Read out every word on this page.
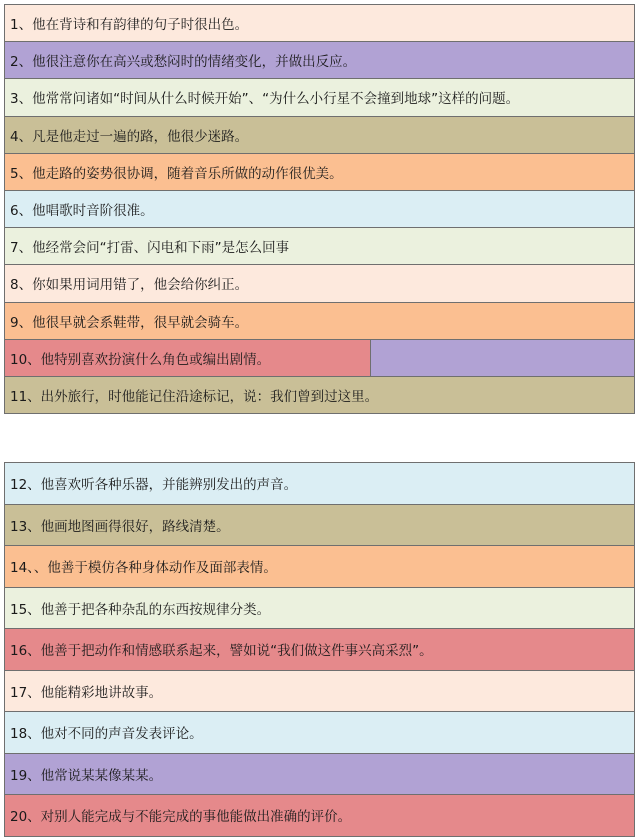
1、他在背诗和有韵律的句子时很出色。
2、他很注意你在高兴或愁闷时的情绪变化，并做出反应。
3、他常常问诸如“时间从什么时候开始”、“为什么小行星不会撞到地球”这样的问题。
4、凡是他走过一遍的路，他很少迷路。
5、他走路的姿势很协调，随着音乐所做的动作很优美。
6、他唱歌时音阶很准。
7、他经常会问“打雷、闪电和下雨”是怎么回事
8、你如果用词用错了，他会给你纠正。
9、他很早就会系鞋带，很早就会骑车。
10、他特别喜欢扮演什么角色或编出剧情。
11、出外旅行，时他能记住沿途标记，说：我们曾到过这里。
12、他喜欢听各种乐器，并能辨别发出的声音。
13、他画地图画得很好，路线清楚。
14、、他善于模仿各种身体动作及面部表情。
15、他善于把各种杂乱的东西按规律分类。
16、他善于把动作和情感联系起来，譬如说“我们做这件事兴高采烈”。
17、他能精彩地讲故事。
18、他对不同的声音发表评论。
19、他常说某某像某某。
20、对别人能完成与不能完成的事他能做出准确的评价。
